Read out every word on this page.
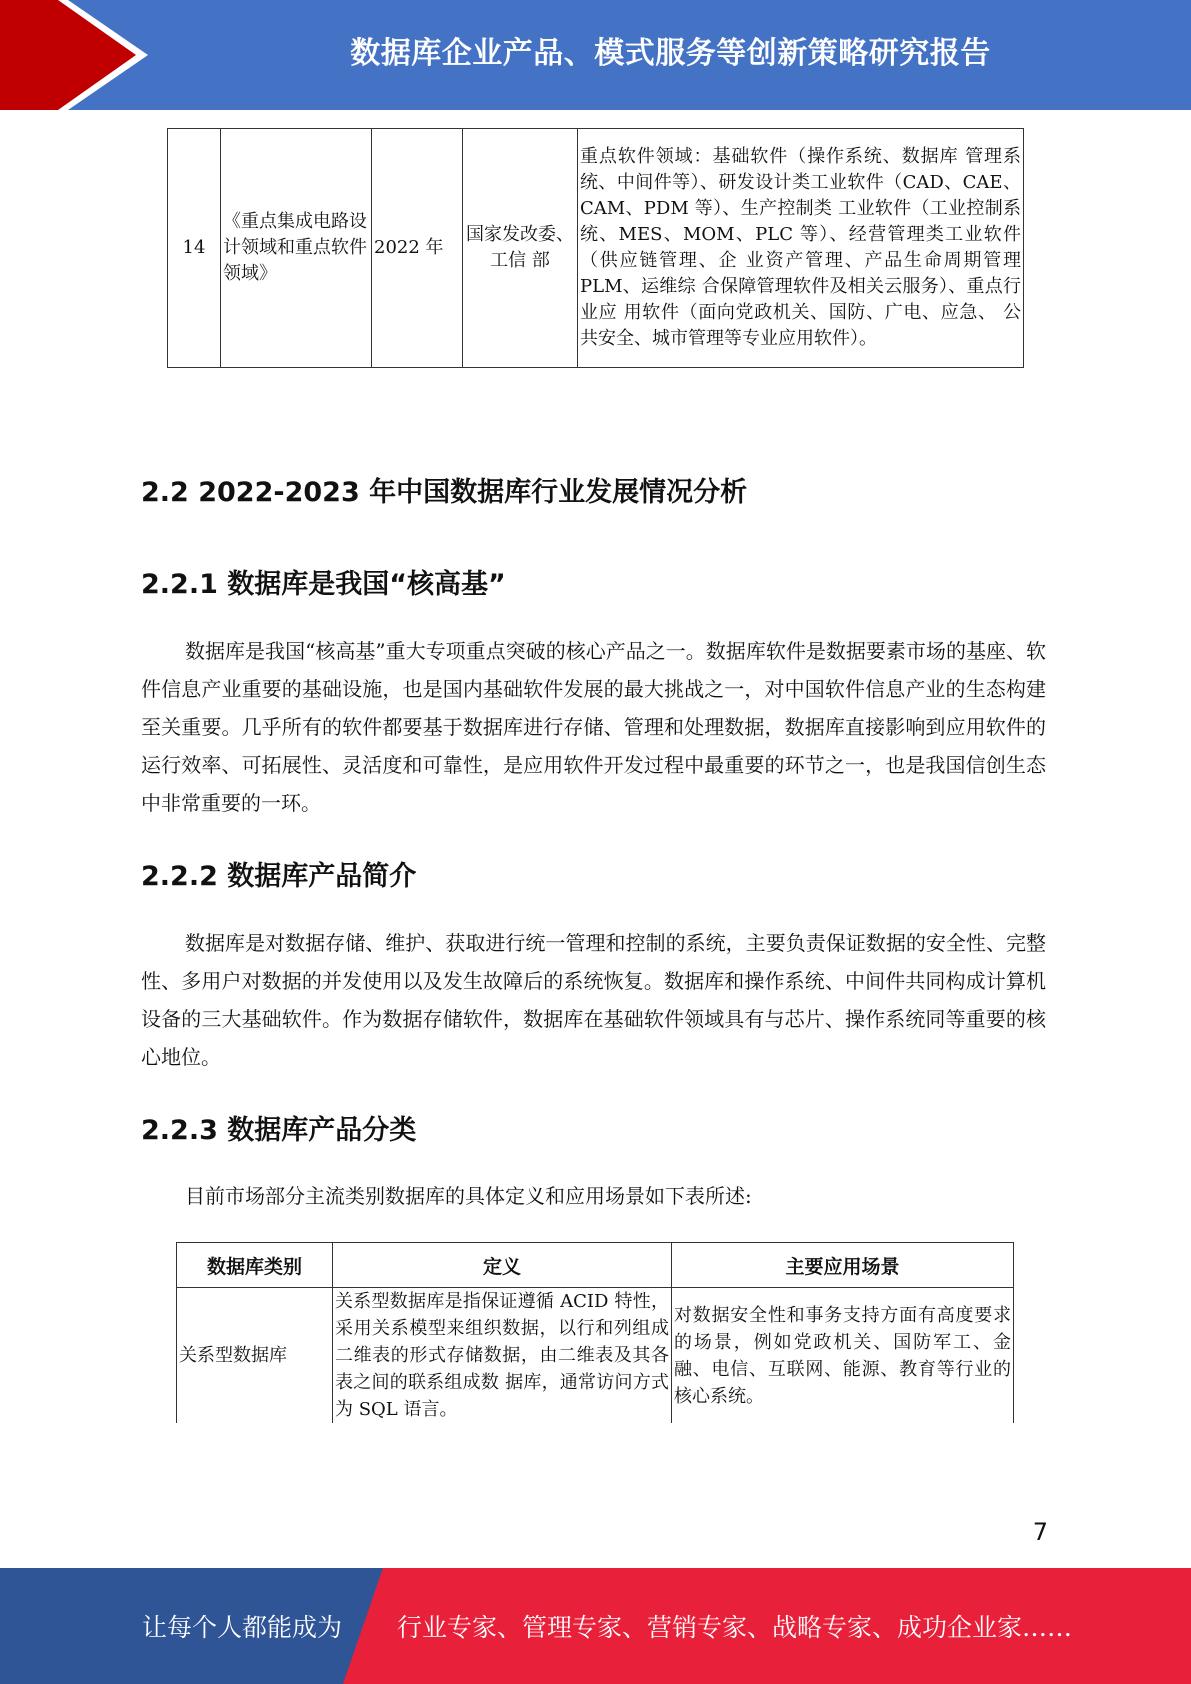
数据库企业产品、模式服务等创新策略研究报告
14	《重点集成电路设计领域和重点软件领域》	2022 年	国家发改委、工信 部	重点软件领域：基础软件（操作系统、数据库 管理系统、中间件等）、研发设计类工业软件（CAD、CAE、CAM、PDM 等）、生产控制类 工业软件（工业控制系统、MES、MOM、PLC 等）、经营管理类工业软件（供应链管理、企 业资产管理、产品生命周期管理 PLM、运维综 合保障管理软件及相关云服务）、重点行业应 用软件（面向党政机关、国防、广电、应急、 公共安全、城市管理等专业应用软件）。
2.2 2022-2023 年中国数据库行业发展情况分析
2.2.1 数据库是我国“核高基”

数据库是我国“核高基”重大专项重点突破的核心产品之一。数据库软件是数据要素市场的基座、软件信息产业重要的基础设施，也是国内基础软件发展的最大挑战之一，对中国软件信息产业的生态构建至关重要。几乎所有的软件都要基于数据库进行存储、管理和处理数据，数据库直接影响到应用软件的运行效率、可拓展性、灵活度和可靠性，是应用软件开发过程中最重要的环节之一，也是我国信创生态中非常重要的一环。

2.2.2 数据库产品简介

数据库是对数据存储、维护、获取进行统一管理和控制的系统，主要负责保证数据的安全性、完整性、多用户对数据的并发使用以及发生故障后的系统恢复。数据库和操作系统、中间件共同构成计算机设备的三大基础软件。作为数据存储软件，数据库在基础软件领域具有与芯片、操作系统同等重要的核心地位。

2.2.3 数据库产品分类

目前市场部分主流类别数据库的具体定义和应用场景如下表所述:

数据库类别	定义	主要应用场景
关系型数据库	关系型数据库是指保证遵循 ACID 特性，采用关系模型来组织数据，以行和列组成二维表的形式存储数据，由二维表及其各表之间的联系组成数 据库，通常访问方式为 SQL 语言。	对数据安全性和事务支持方面有高度要求的场景，例如党政机关、国防军工、金融、电信、互联网、能源、教育等行业的核心系统。
7
让每个人都能成为 行业专家、管理专家、营销专家、战略专家、成功企业家……
